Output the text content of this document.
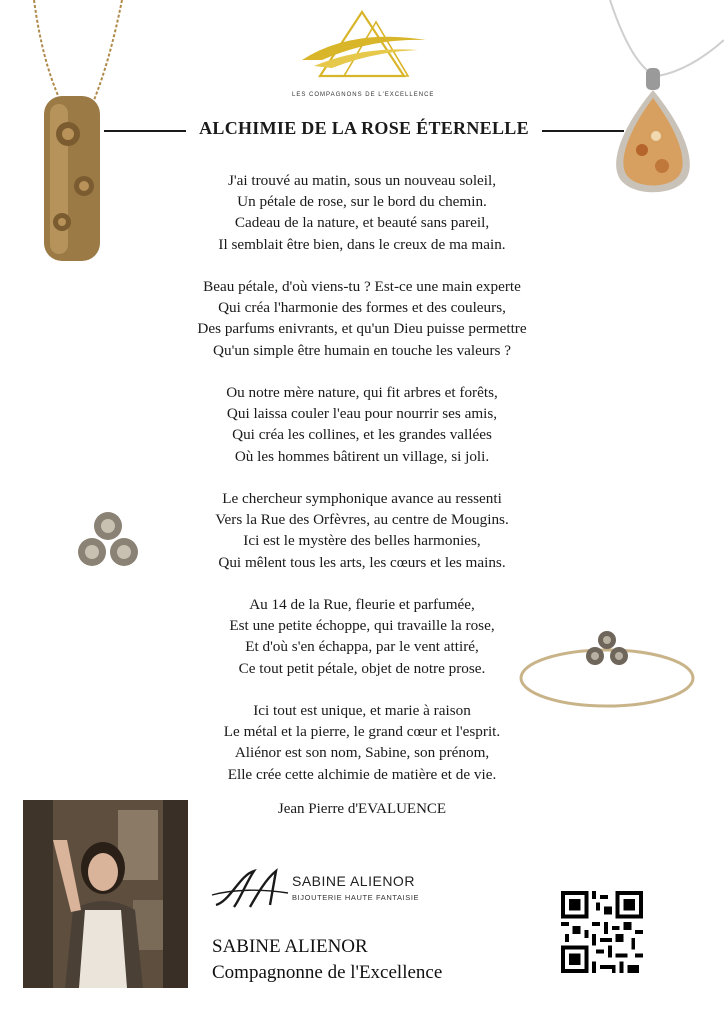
LES COMPAGNONS DE L'EXCELLENCE
ALCHIMIE DE LA ROSE ÉTERNELLE
J'ai trouvé au matin, sous un nouveau soleil,
Un pétale de rose, sur le bord du chemin.
Cadeau de la nature, et beauté sans pareil,
Il semblait être bien, dans le creux de ma main.
Beau pétale, d'où viens-tu ? Est-ce une main experte
Qui créa l'harmonie des formes et des couleurs,
Des parfums enivrants, et qu'un Dieu puisse permettre
Qu'un simple être humain en touche les valeurs ?
Ou notre mère nature, qui fit arbres et forêts,
Qui laissa couler l'eau pour nourrir ses amis,
Qui créa les collines, et les grandes vallées
Où les hommes bâtirent un village, si joli.
Le chercheur symphonique avance au ressenti
Vers la Rue des Orfèvres, au centre de Mougins.
Ici est le mystère des belles harmonies,
Qui mêlent tous les arts, les cœurs et les mains.
Au 14 de la Rue, fleurie et parfumée,
Est une petite échoppe, qui travaille la rose,
Et d'où s'en échappa, par le vent attiré,
Ce tout petit pétale, objet de notre prose.
Ici tout est unique, et marie à raison
Le métal et la pierre, le grand cœur et l'esprit.
Aliénor est son nom, Sabine, son prénom,
Elle crée cette alchimie de matière et de vie.
Jean Pierre d'EVALUENCE
SABINE ALIENOR
BIJOUTERIE HAUTE FANTAISIE
SABINE ALIENOR
Compagnonne de l'Excellence
